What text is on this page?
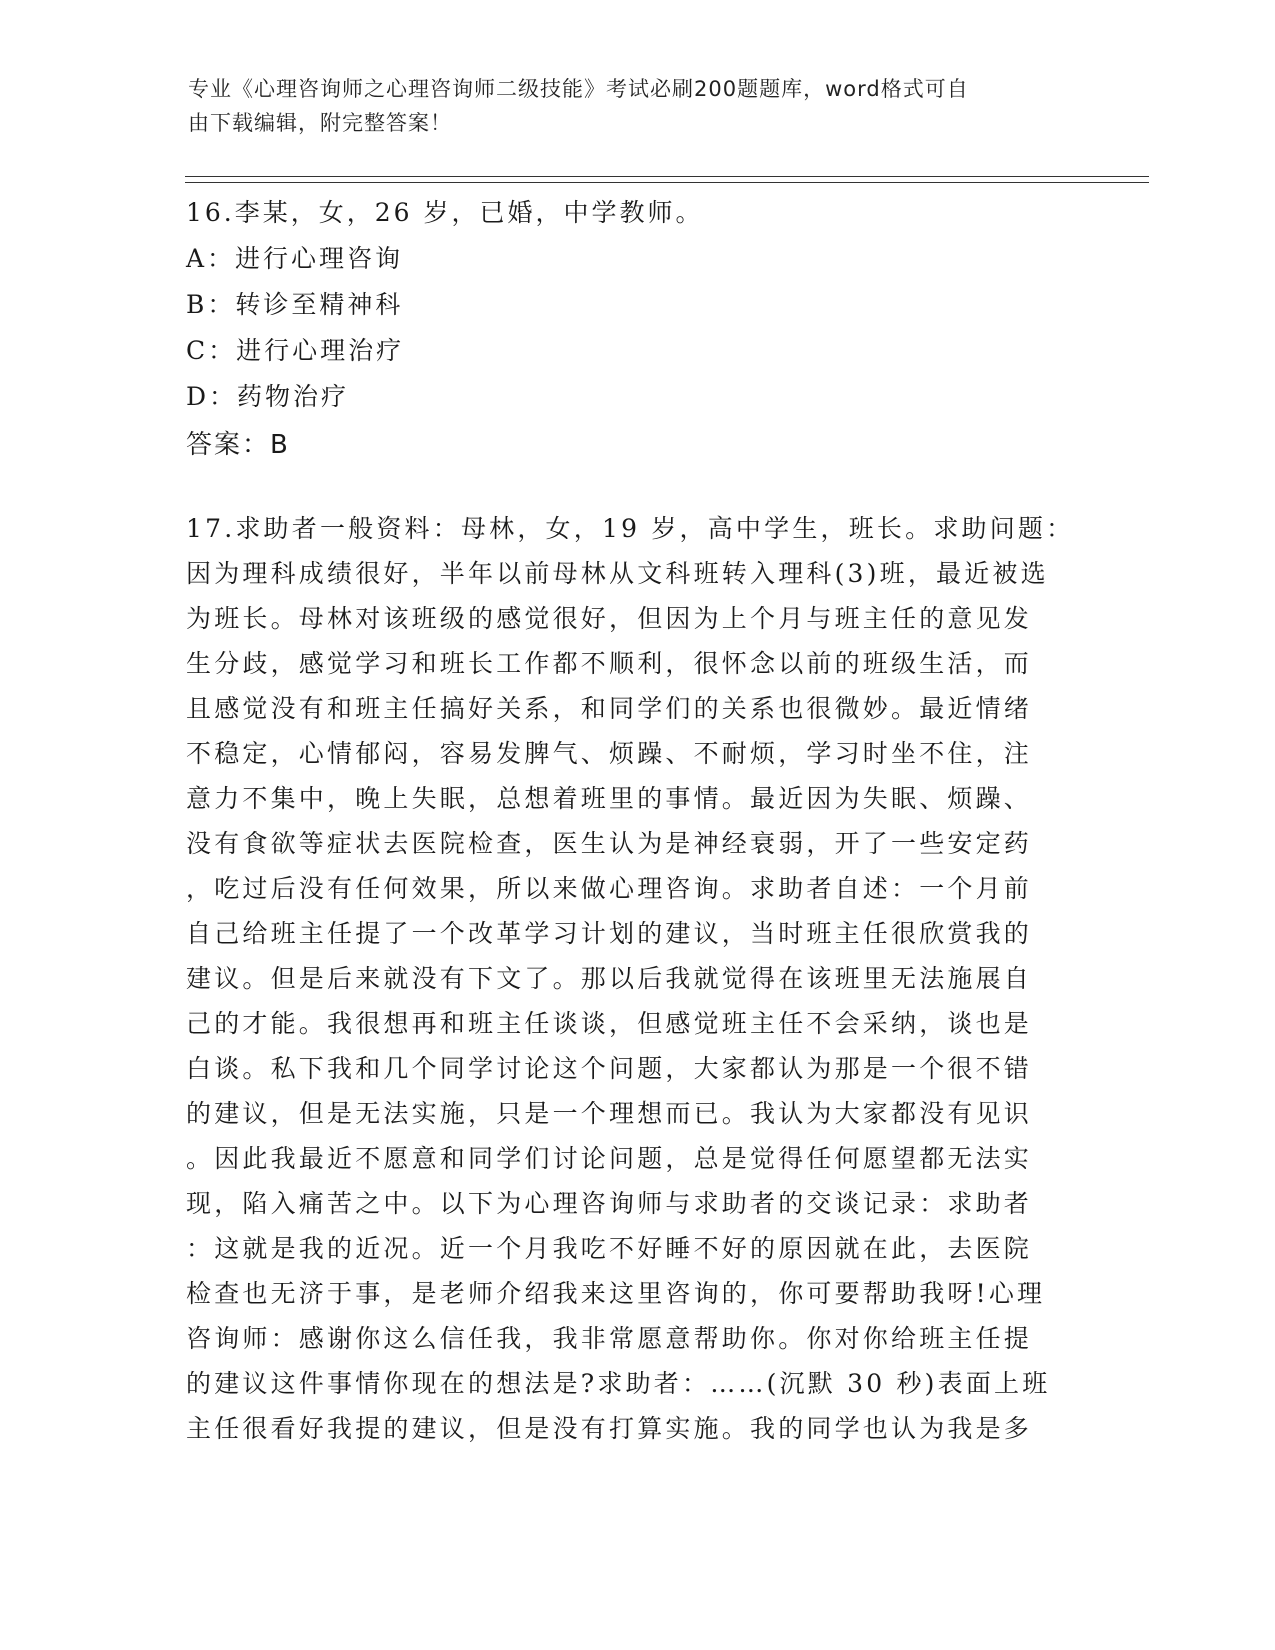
专业《心理咨询师之心理咨询师二级技能》考试必刷200题题库，word格式可自
由下载编辑，附完整答案！
16.李某，女，26 岁，已婚，中学教师。
A：进行心理咨询
B：转诊至精神科
C：进行心理治疗
D：药物治疗
答案：B
17.求助者一般资料：母林，女，19 岁，高中学生，班长。求助问题：
因为理科成绩很好，半年以前母林从文科班转入理科(3)班，最近被选
为班长。母林对该班级的感觉很好，但因为上个月与班主任的意见发
生分歧，感觉学习和班长工作都不顺利，很怀念以前的班级生活，而
且感觉没有和班主任搞好关系，和同学们的关系也很微妙。最近情绪
不稳定，心情郁闷，容易发脾气、烦躁、不耐烦，学习时坐不住，注
意力不集中，晚上失眠，总想着班里的事情。最近因为失眠、烦躁、
没有食欲等症状去医院检查，医生认为是神经衰弱，开了一些安定药
，吃过后没有任何效果，所以来做心理咨询。求助者自述：一个月前
自己给班主任提了一个改革学习计划的建议，当时班主任很欣赏我的
建议。但是后来就没有下文了。那以后我就觉得在该班里无法施展自
己的才能。我很想再和班主任谈谈，但感觉班主任不会采纳，谈也是
白谈。私下我和几个同学讨论这个问题，大家都认为那是一个很不错
的建议，但是无法实施，只是一个理想而已。我认为大家都没有见识
。因此我最近不愿意和同学们讨论问题，总是觉得任何愿望都无法实
现，陷入痛苦之中。以下为心理咨询师与求助者的交谈记录：求助者
：这就是我的近况。近一个月我吃不好睡不好的原因就在此，去医院
检查也无济于事，是老师介绍我来这里咨询的，你可要帮助我呀!心理
咨询师：感谢你这么信任我，我非常愿意帮助你。你对你给班主任提
的建议这件事情你现在的想法是?求助者：……(沉默 30 秒)表面上班
主任很看好我提的建议，但是没有打算实施。我的同学也认为我是多
